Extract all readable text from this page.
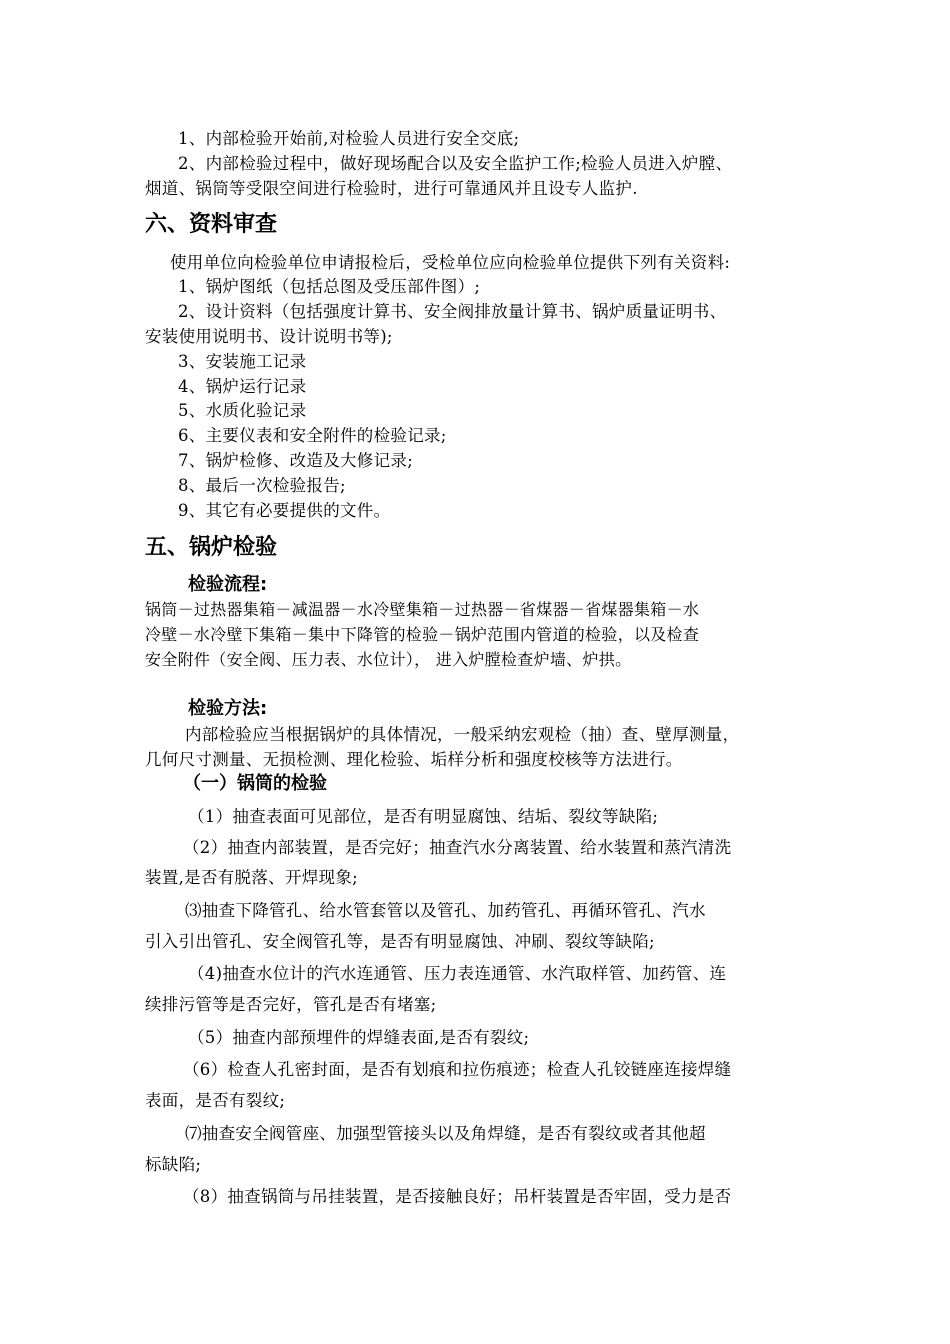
1、内部检验开始前,对检验人员进行安全交底;
2、内部检验过程中，做好现场配合以及安全监护工作;检验人员进入炉膛、
烟道、锅筒等受限空间进行检验时，进行可靠通风并且设专人监护.
六、资料审查
使用单位向检验单位申请报检后，受检单位应向检验单位提供下列有关资料:
1、锅炉图纸（包括总图及受压部件图）;
2、设计资料（包括强度计算书、安全阀排放量计算书、锅炉质量证明书、
安装使用说明书、设计说明书等);
3、安装施工记录
4、锅炉运行记录
5、水质化验记录
6、主要仪表和安全附件的检验记录;
7、锅炉检修、改造及大修记录;
8、最后一次检验报告;
9、其它有必要提供的文件。
五、锅炉检验
检验流程:
锅筒－过热器集箱－减温器－水冷壁集箱－过热器－省煤器－省煤器集箱－水
冷壁－水冷壁下集箱－集中下降管的检验－锅炉范围内管道的检验，以及检查
安全附件（安全阀、压力表、水位计）， 进入炉膛检查炉墙、炉拱。
检验方法:
内部检验应当根据锅炉的具体情况，一般采纳宏观检（抽）查、壁厚测量，
几何尺寸测量、无损检测、理化检验、垢样分析和强度校核等方法进行。
（一）锅筒的检验
（1）抽查表面可见部位，是否有明显腐蚀、结垢、裂纹等缺陷;
（2）抽查内部装置，是否完好；抽查汽水分离装置、给水装置和蒸汽清洗
装置,是否有脱落、开焊现象;
⑶抽查下降管孔、给水管套管以及管孔、加药管孔、再循环管孔、汽水
引入引出管孔、安全阀管孔等，是否有明显腐蚀、冲刷、裂纹等缺陷;
（4)抽查水位计的汽水连通管、压力表连通管、水汽取样管、加药管、连
续排污管等是否完好，管孔是否有堵塞;
（5）抽查内部预埋件的焊缝表面,是否有裂纹;
（6）检查人孔密封面，是否有划痕和拉伤痕迹；检查人孔铰链座连接焊缝
表面，是否有裂纹;
⑺抽查安全阀管座、加强型管接头以及角焊缝，是否有裂纹或者其他超
标缺陷;
（8）抽查锅筒与吊挂装置，是否接触良好；吊杆装置是否牢固，受力是否
